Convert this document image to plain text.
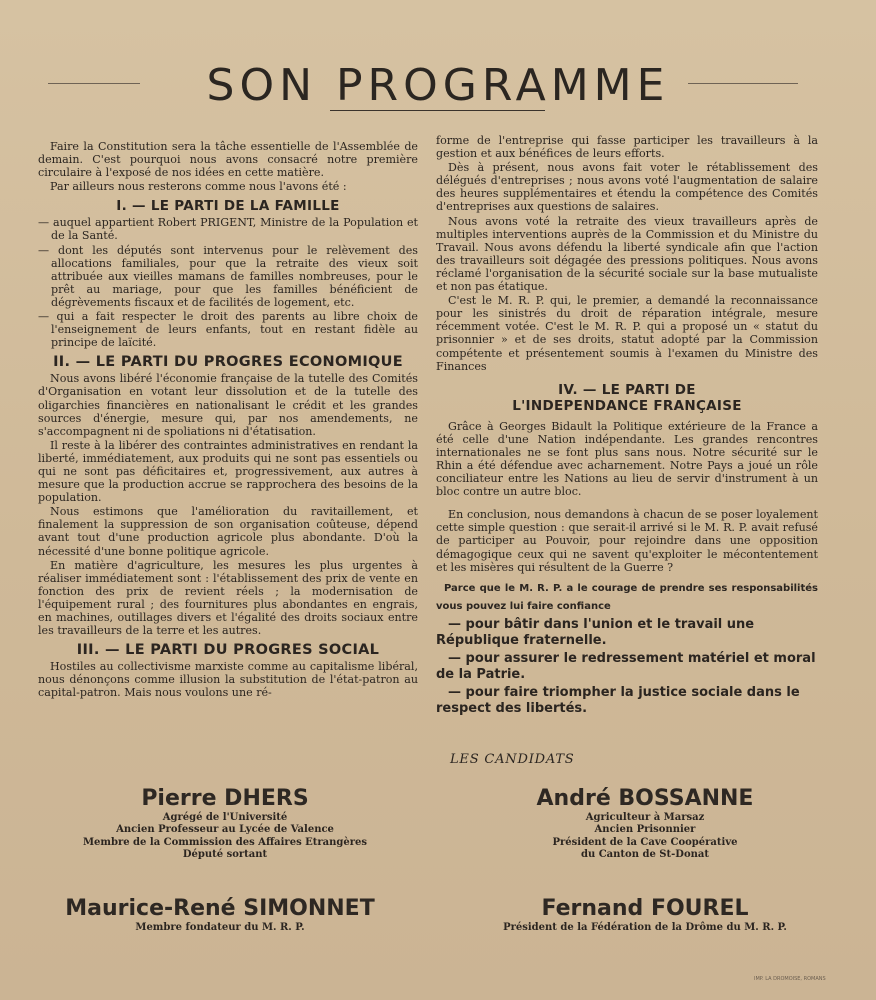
SON PROGRAMME

Faire la Constitution sera la tâche essentielle de l'Assemblée de demain. C'est pourquoi nous avons consacré notre première circulaire à l'exposé de nos idées en cette matière.

Par ailleurs nous resterons comme nous l'avons été :

I. — LE PARTI DE LA FAMILLE

— auquel appartient Robert PRIGENT, Ministre de la Population et de la Santé.

— dont les députés sont intervenus pour le relèvement des allocations familiales, pour que la retraite des vieux soit attribuée aux vieilles mamans de familles nombreuses, pour le prêt au mariage, pour que les familles bénéficient de dégrèvements fiscaux et de facilités de logement, etc.

— qui a fait respecter le droit des parents au libre choix de l'enseignement de leurs enfants, tout en restant fidèle au principe de laïcité.

II. — LE PARTI DU PROGRES ECONOMIQUE

Nous avons libéré l'économie française de la tutelle des Comités d'Organisation en votant leur dissolution et de la tutelle des oligarchies financières en nationalisant le crédit et les grandes sources d'énergie, mesure qui, par nos amendements, ne s'accompagnent ni de spoliations ni d'étatisation.

Il reste à la libérer des contraintes administratives en rendant la liberté, immédiatement, aux produits qui ne sont pas essentiels ou qui ne sont pas déficitaires et, progressivement, aux autres à mesure que la production accrue se rapprochera des besoins de la population.

Nous estimons que l'amélioration du ravitaillement, et finalement la suppression de son organisation coûteuse, dépend avant tout d'une production agricole plus abondante. D'où la nécessité d'une bonne politique agricole.

En matière d'agriculture, les mesures les plus urgentes à réaliser immédiatement sont : l'établissement des prix de vente en fonction des prix de revient réels ; la modernisation de l'équipement rural ; des fournitures plus abondantes en engrais, en machines, outillages divers et l'égalité des droits sociaux entre les travailleurs de la terre et les autres.

III. — LE PARTI DU PROGRES SOCIAL

Hostiles au collectivisme marxiste comme au capitalisme libéral, nous dénonçons comme illusion la substitution de l'état-patron au capital-patron. Mais nous voulons une ré-

forme de l'entreprise qui fasse participer les travailleurs à la gestion et aux bénéfices de leurs efforts.

Dès à présent, nous avons fait voter le rétablissement des délégués d'entreprises ; nous avons voté l'augmentation de salaire des heures supplémentaires et étendu la compétence des Comités d'entreprises aux questions de salaires.

Nous avons voté la retraite des vieux travailleurs après de multiples interventions auprès de la Commission et du Ministre du Travail. Nous avons défendu la liberté syndicale afin que l'action des travailleurs soit dégagée des pressions politiques. Nous avons réclamé l'organisation de la sécurité sociale sur la base mutualiste et non pas étatique.

C'est le M. R. P. qui, le premier, a demandé la reconnaissance pour les sinistrés du droit de réparation intégrale, mesure récemment votée. C'est le M. R. P. qui a proposé un « statut du prisonnier » et de ses droits, statut adopté par la Commission compétente et présentement soumis à l'examen du Ministre des Finances

IV. — LE PARTI DE
L'INDEPENDANCE FRANÇAISE

Grâce à Georges Bidault la Politique extérieure de la France a été celle d'une Nation indépendante. Les grandes rencontres internationales ne se font plus sans nous. Notre sécurité sur le Rhin a été défendue avec acharnement. Notre Pays a joué un rôle conciliateur entre les Nations au lieu de servir d'instrument à un bloc contre un autre bloc.

En conclusion, nous demandons à chacun de se poser loyalement cette simple question : que serait-il arrivé si le M. R. P. avait refusé de participer au Pouvoir, pour rejoindre dans une opposition démagogique ceux qui ne savent qu'exploiter le mécontentement et les misères qui résultent de la Guerre ?

Parce que le M. R. P. a le courage de prendre ses responsabilités vous pouvez lui faire confiance

— pour bâtir dans l'union et le travail une République fraternelle.

— pour assurer le redressement matériel et moral de la Patrie.

— pour faire triompher la justice sociale dans le respect des libertés.

LES CANDIDATS
Pierre DHERS
Agrégé de l'Université
Ancien Professeur au Lycée de Valence
Membre de la Commission des Affaires Etrangères
Député sortant
André BOSSANNE
Agriculteur à Marsaz
Ancien Prisonnier
Président de la Cave Coopérative
du Canton de St-Donat
Maurice-René SIMONNET
Membre fondateur du M. R. P.
Fernand FOUREL
Président de la Fédération de la Drôme du M. R. P.
IMP. LA DROMOISE, ROMANS
